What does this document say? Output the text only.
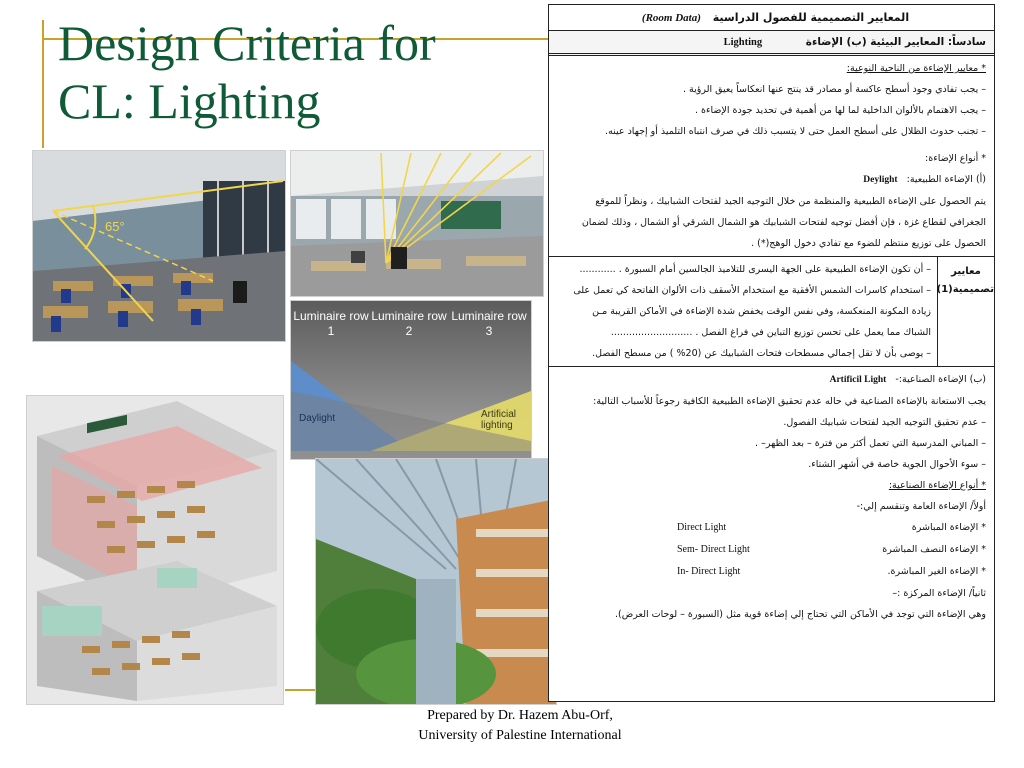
Design Criteria for
CL: Lighting
65°
Luminaire row 1
Luminaire row 2
Luminaire row 3
Daylight	Artificial lighting
المعايير التصميمية للفصول الدراسية (Room Data)
سادساً: المعايير البيئية (ب) الإضاءة Lighting
* معايير الإضاءة من الناحية النوعية:
– يجب تفادي وجود أسطح عاكسة أو مصادر قد ينتج عنها انعكاساً يعيق الرؤية .
– يجب الاهتمام بالألوان الداخلية لما لها من أهمية في تحديد جودة الإضاءة .
– تجنب حدوث الظلال على أسطح العمل حتى لا يتسبب ذلك في صرف انتباه التلميذ أو إجهاد عينه.
* أنواع الإضاءة:
(أ) الإضاءة الطبيعية: Deylight
يتم الحصول على الإضاءة الطبيعية والمنظمة من خلال التوجيه الجيد لفتحات الشبابيك ، ونظراً للموقع
الجغرافي لقطاع غزة ، فإن أفضل توجيه لفتحات الشبابيك هو الشمال الشرقي أو الشمال ، وذلك لضمان
الحصول على توزيع منتظم للضوء مع تفادي دخول الوهج(*) .
معايير
تصميمية(1)
– أن تكون الإضاءة الطبيعية على الجهة اليسرى للتلاميذ الجالسين أمام السبورة . ............
– استخدام كاسرات الشمس الأفقية مع استخدام الأسقف ذات الألوان الفاتحة كي تعمل على
زيادة المكونة المنعكسة، وفي نفس الوقت يخفض شدة الإضاءة في الأماكن القريبة مـن
الشباك مما يعمل على تحسن توزيع التباين في فراغ الفصل . ...........................
– يوصى بأن لا تقل إجمالي مسطحات فتحات الشبابيك عن (20% ) من مسطح الفصل.
(ب) الإضاءة الصناعية:- Artificil Light
يجب الاستعانة بالإضاءة الصناعية في حاله عدم تحقيق الإضاءة الطبيعية الكافية رجوعاً للأسباب التالية:
– عدم تحقيق التوجيه الجيد لفتحات شبابيك الفصول.
– المباني المدرسية التي تعمل أكثر من فترة – بعد الظهر– .
– سوء الأحوال الجوية خاصة في أشهر الشتاء.
* أنواع الإضاءة الصناعية:
أولاً/ الإضاءة العامة وتنقسم إلي:-
* الإضاءة المباشرة
Direct Light
* الإضاءة النصف المباشرة
Sem- Direct Light
* الإضاءة الغير المباشرة.
In- Direct Light
ثانياً/ الإضاءة المركزة :–
وهي الإضاءة التي توجد في الأماكن التي تحتاج إلي إضاءة قوية مثل (السبورة – لوحات العرض).
Prepared by Dr. Hazem Abu-Orf,
University of Palestine International
